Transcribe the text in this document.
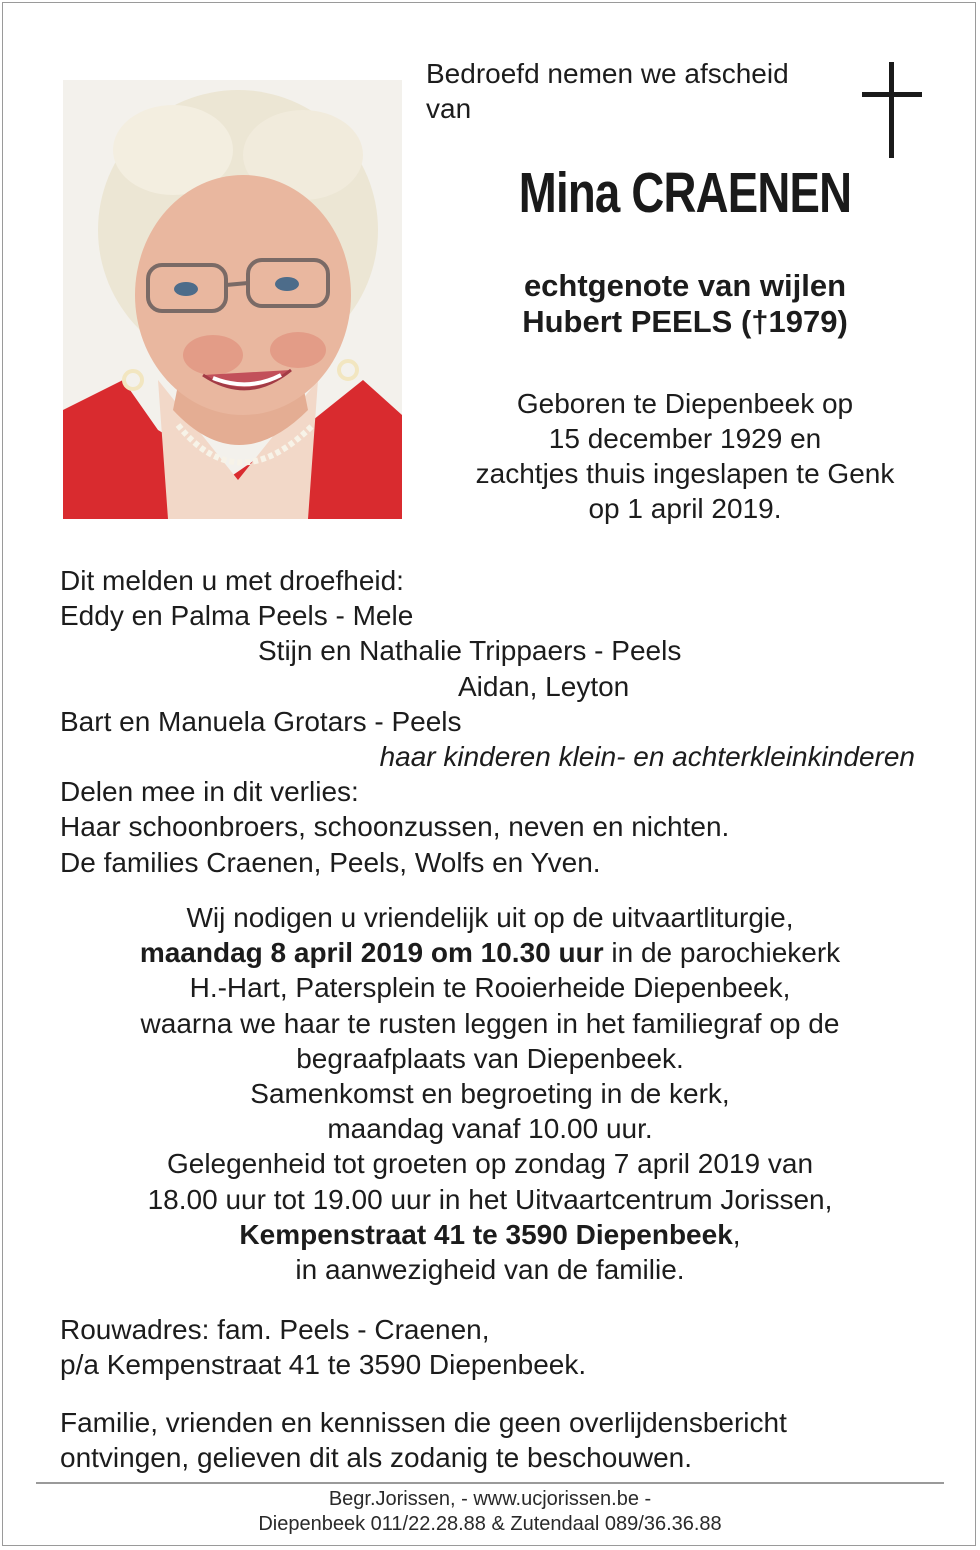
Bedroefd nemen we afscheid
van
Mina CRAENEN
echtgenote van wijlen
Hubert PEELS (†1979)
Geboren te Diepenbeek op
15 december 1929 en
zachtjes thuis ingeslapen te Genk
op 1 april 2019.
Dit melden u met droefheid:
Eddy en Palma Peels - Mele
Stijn en Nathalie Trippaers - Peels
Aidan, Leyton
Bart en Manuela Grotars - Peels
haar kinderen klein- en achterkleinkinderen
Delen mee in dit verlies:
Haar schoonbroers, schoonzussen, neven en nichten.
De families Craenen, Peels, Wolfs en Yven.
Wij nodigen u vriendelijk uit op de uitvaartliturgie,
maandag 8 april 2019 om 10.30 uur in de parochiekerk
H.-Hart, Patersplein te Rooierheide Diepenbeek,
waarna we haar te rusten leggen in het familiegraf op de
begraafplaats van Diepenbeek.
Samenkomst en begroeting in de kerk,
maandag vanaf 10.00 uur.
Gelegenheid tot groeten op zondag 7 april 2019 van
18.00 uur tot 19.00 uur in het Uitvaartcentrum Jorissen,
Kempenstraat 41 te 3590 Diepenbeek,
in aanwezigheid van de familie.
Rouwadres: fam. Peels - Craenen,
p/a Kempenstraat 41 te 3590 Diepenbeek.
Familie, vrienden en kennissen die geen overlijdensbericht
ontvingen, gelieven dit als zodanig te beschouwen.
Begr.Jorissen, - www.ucjorissen.be -
Diepenbeek 011/22.28.88 & Zutendaal 089/36.36.88
